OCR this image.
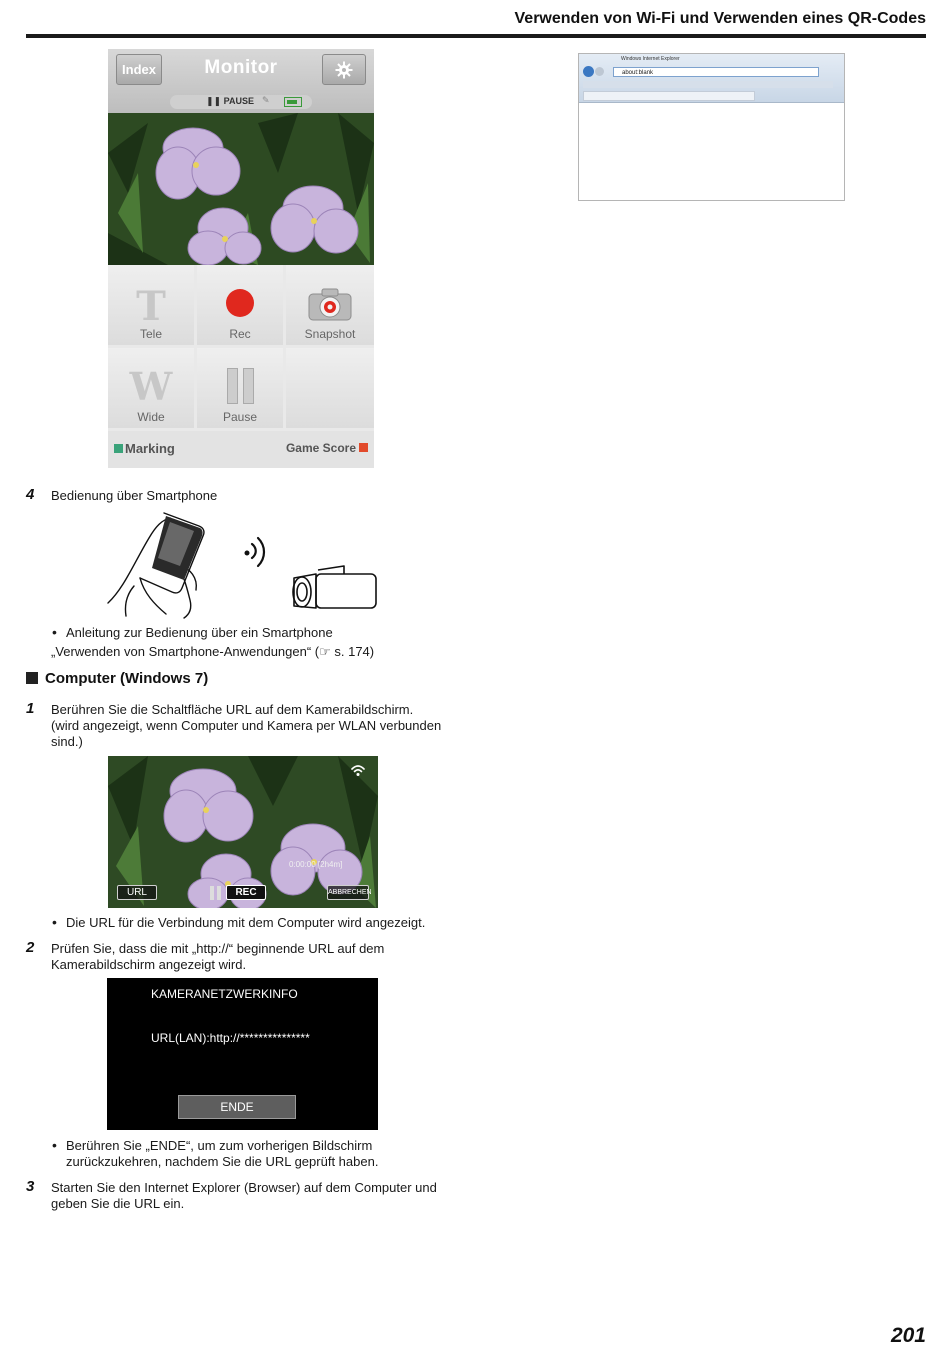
Verwenden von Wi-Fi und Verwenden eines QR-Codes
Index	Monitor
❚❚ PAUSE ✎
T
Tele	Rec	Snapshot
W
Wide	Pause
Marking	Game Score
Windows Internet Explorer
about:blank
4 Bedienung über Smartphone
• Anleitung zur Bedienung über ein Smartphone
„Verwenden von Smartphone-Anwendungen“ (☞ s. 174)
Computer (Windows 7)
1 Berühren Sie die Schaltfläche URL auf dem Kamerabildschirm.
(wird angezeigt, wenn Computer und Kamera per WLAN verbunden
sind.)
0:00:00 [2h4m]
URL	REC	ABBRECHEN
• Die URL für die Verbindung mit dem Computer wird angezeigt.
2 Prüfen Sie, dass die mit „http://“ beginnende URL auf dem
Kamerabildschirm angezeigt wird.
KAMERANETZWERKINFO
URL(LAN):http://***************
ENDE
• Berühren Sie „ENDE“, um zum vorherigen Bildschirm
zurückzukehren, nachdem Sie die URL geprüft haben.
3 Starten Sie den Internet Explorer (Browser) auf dem Computer und
geben Sie die URL ein.
201
